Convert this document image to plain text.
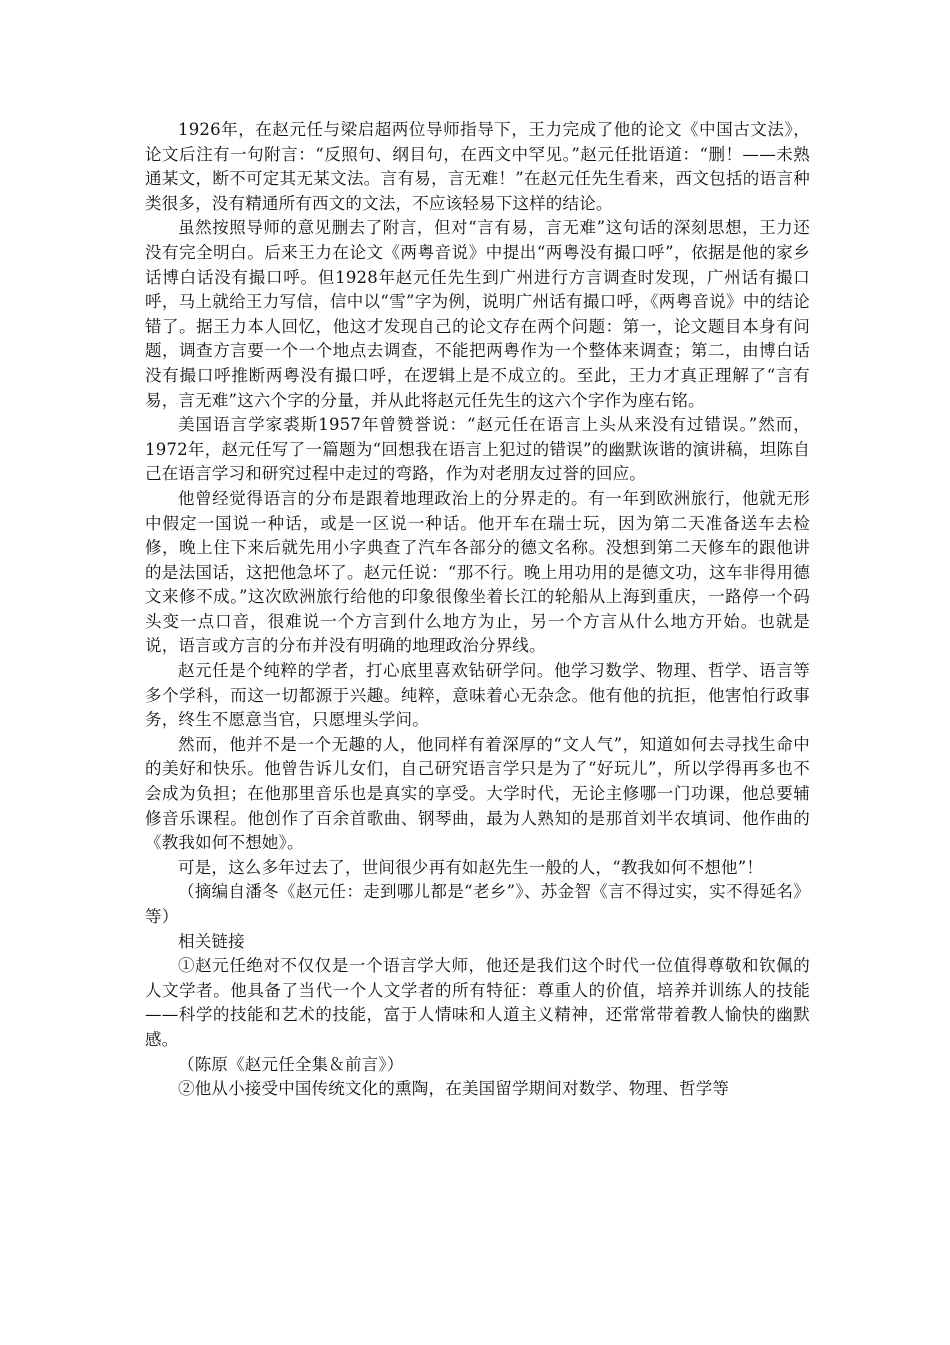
1926年，在赵元任与梁启超两位导师指导下，王力完成了他的论文《中国古文法》，论文后注有一句附言：“反照句、纲目句，在西文中罕见。”赵元任批语道：“删！——未熟通某文，断不可定其无某文法。言有易，言无难！”在赵元任先生看来，西文包括的语言种类很多，没有精通所有西文的文法，不应该轻易下这样的结论。

虽然按照导师的意见删去了附言，但对“言有易，言无难”这句话的深刻思想，王力还没有完全明白。后来王力在论文《两粤音说》中提出“两粤没有撮口呼”，依据是他的家乡话博白话没有撮口呼。但1928年赵元任先生到广州进行方言调查时发现，广州话有撮口呼，马上就给王力写信，信中以“雪”字为例，说明广州话有撮口呼，《两粤音说》中的结论错了。据王力本人回忆，他这才发现自己的论文存在两个问题：第一，论文题目本身有问题，调查方言要一个一个地点去调查，不能把两粤作为一个整体来调查；第二，由博白话没有撮口呼推断两粤没有撮口呼，在逻辑上是不成立的。至此，王力才真正理解了“言有易，言无难”这六个字的分量，并从此将赵元任先生的这六个字作为座右铭。

美国语言学家裘斯1957年曾赞誉说：“赵元任在语言上头从来没有过错误。”然而，1972年，赵元任写了一篇题为“回想我在语言上犯过的错误”的幽默诙谐的演讲稿，坦陈自己在语言学习和研究过程中走过的弯路，作为对老朋友过誉的回应。

他曾经觉得语言的分布是跟着地理政治上的分界走的。有一年到欧洲旅行，他就无形中假定一国说一种话，或是一区说一种话。他开车在瑞士玩，因为第二天准备送车去检修，晚上住下来后就先用小字典查了汽车各部分的德文名称。没想到第二天修车的跟他讲的是法国话，这把他急坏了。赵元任说：“那不行。晚上用功用的是德文功，这车非得用德文来修不成。”这次欧洲旅行给他的印象很像坐着长江的轮船从上海到重庆，一路停一个码头变一点口音，很难说一个方言到什么地方为止，另一个方言从什么地方开始。也就是说，语言或方言的分布并没有明确的地理政治分界线。

赵元任是个纯粹的学者，打心底里喜欢钻研学问。他学习数学、物理、哲学、语言等多个学科，而这一切都源于兴趣。纯粹，意味着心无杂念。他有他的抗拒，他害怕行政事务，终生不愿意当官，只愿埋头学问。

然而，他并不是一个无趣的人，他同样有着深厚的“文人气”，知道如何去寻找生命中的美好和快乐。他曾告诉儿女们，自己研究语言学只是为了“好玩儿”，所以学得再多也不会成为负担；在他那里音乐也是真实的享受。大学时代，无论主修哪一门功课，他总要辅修音乐课程。他创作了百余首歌曲、钢琴曲，最为人熟知的是那首刘半农填词、他作曲的《教我如何不想她》。

可是，这么多年过去了，世间很少再有如赵先生一般的人，“教我如何不想他”！

（摘编自潘冬《赵元任：走到哪儿都是“老乡”》、苏金智《言不得过实，实不得延名》等）

相关链接

①赵元任绝对不仅仅是一个语言学大师，他还是我们这个时代一位值得尊敬和钦佩的人文学者。他具备了当代一个人文学者的所有特征：尊重人的价值，培养并训练人的技能——科学的技能和艺术的技能，富于人情味和人道主义精神，还常常带着教人愉快的幽默感。

（陈原《赵元任全集＆前言》）

②他从小接受中国传统文化的熏陶，在美国留学期间对数学、物理、哲学等
